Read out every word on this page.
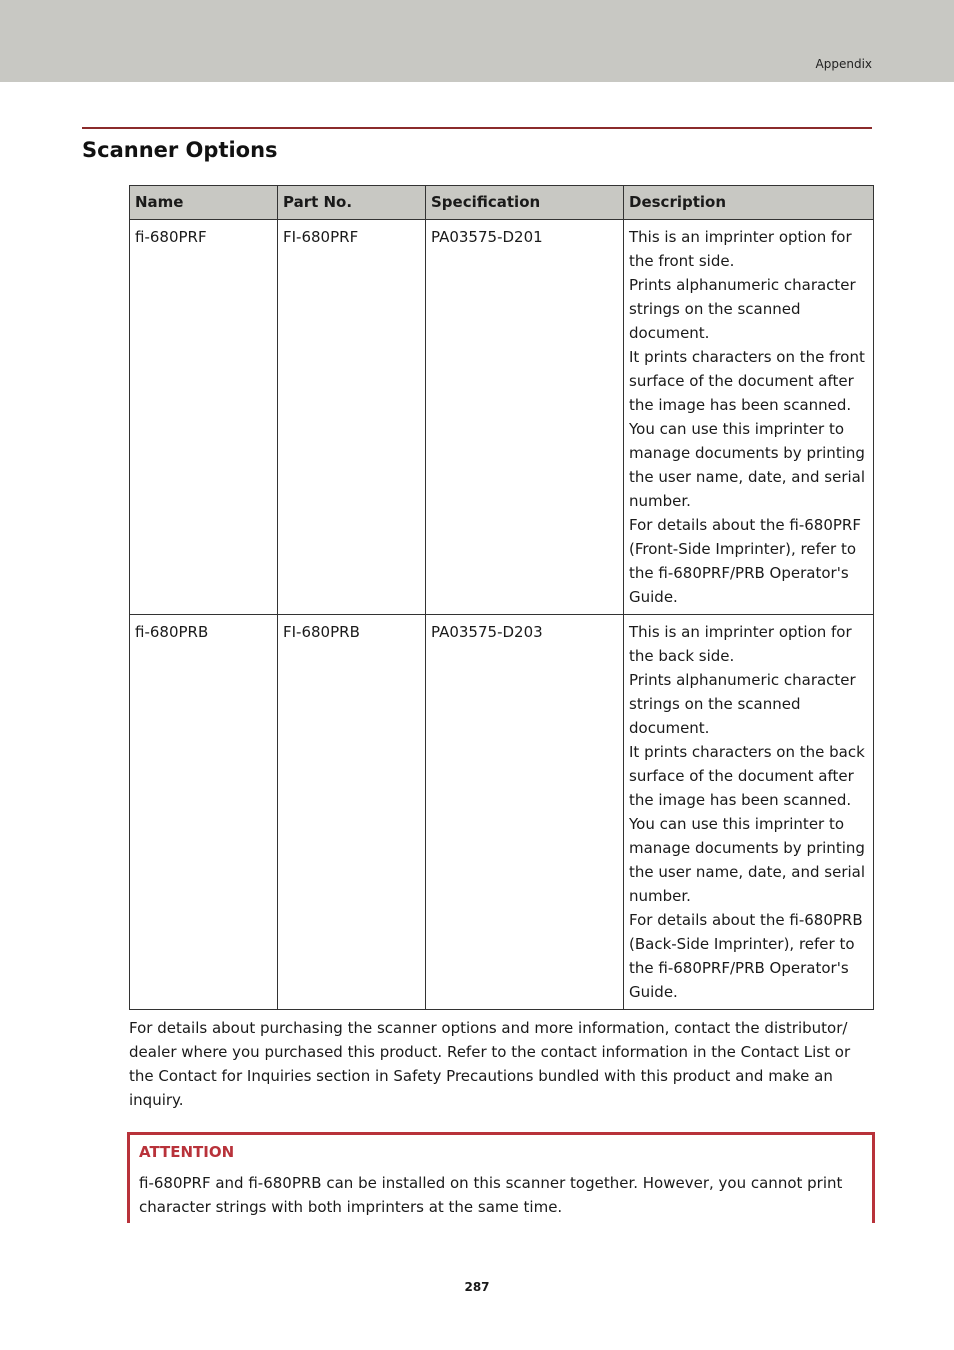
Appendix
Scanner Options
Name	Part No.	Specification	Description
fi-680PRF	FI-680PRF	PA03575-D201	This is an imprinter option for the front side.
Prints alphanumeric character strings on the scanned document.
It prints characters on the front surface of the document after the image has been scanned.
You can use this imprinter to manage documents by printing the user name, date, and serial number.
For details about the fi-680PRF (Front-Side Imprinter), refer to the fi-680PRF/PRB Operator's Guide.

fi-680PRB	FI-680PRB	PA03575-D203	This is an imprinter option for the back side.
Prints alphanumeric character strings on the scanned document.
It prints characters on the back surface of the document after the image has been scanned.
You can use this imprinter to manage documents by printing the user name, date, and serial number.
For details about the fi-680PRB (Back-Side Imprinter), refer to the fi-680PRF/PRB Operator's Guide.

For details about purchasing the scanner options and more information, contact the distributor/ dealer where you purchased this product. Refer to the contact information in the Contact List or the Contact for Inquiries section in Safety Precautions bundled with this product and make an inquiry.

ATTENTION

fi-680PRF and fi-680PRB can be installed on this scanner together. However, you cannot print character strings with both imprinters at the same time.

287
